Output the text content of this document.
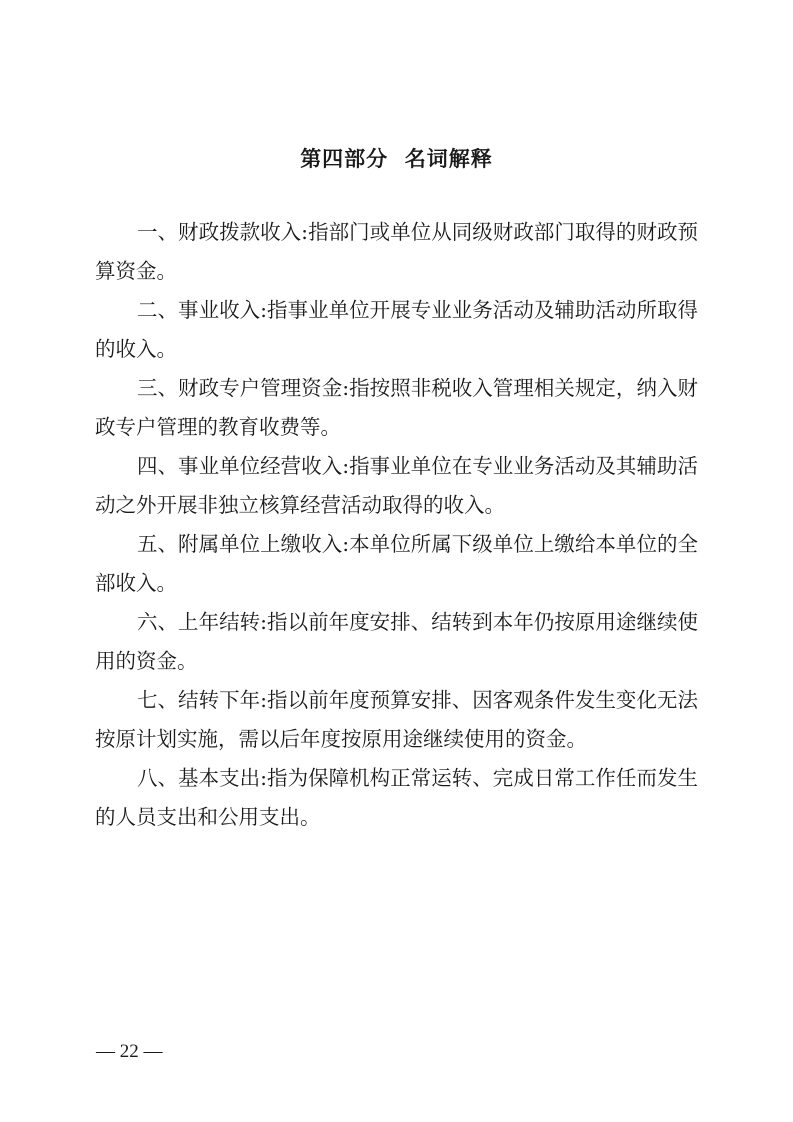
第四部分  名词解释

一、财政拨款收入:指部门或单位从同级财政部门取得的财政预算资金。

二、事业收入:指事业单位开展专业业务活动及辅助活动所取得的收入。

三、财政专户管理资金:指按照非税收入管理相关规定，纳入财政专户管理的教育收费等。

四、事业单位经营收入:指事业单位在专业业务活动及其辅助活动之外开展非独立核算经营活动取得的收入。

五、附属单位上缴收入:本单位所属下级单位上缴给本单位的全部收入。

六、上年结转:指以前年度安排、结转到本年仍按原用途继续使用的资金。

七、结转下年:指以前年度预算安排、因客观条件发生变化无法按原计划实施，需以后年度按原用途继续使用的资金。

八、基本支出:指为保障机构正常运转、完成日常工作任而发生的人员支出和公用支出。

— 22 —
